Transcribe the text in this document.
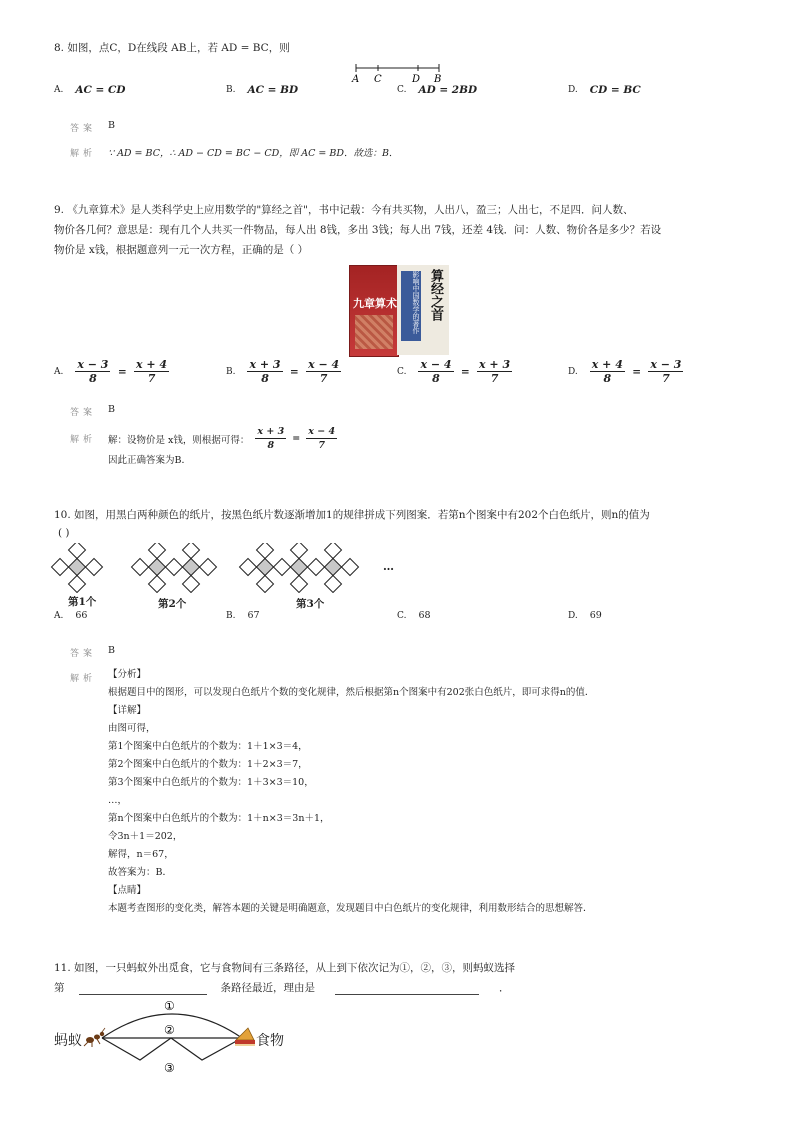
8. 如图，点C，D在线段 AB上，若 AD = BC，则
A C	D B
A. AC = CD	B. AC = BD	C. AD = 2BD	D. CD = BC
答案 B
解析 ∵ AD = BC，∴ AD − CD = BC − CD，即 AC = BD．故选：B．
9. 《九章算术》是人类科学史上应用数学的"算经之首"，书中记载：今有共买物，人出八，盈三；人出七，不足四．问人数、
物价各几何？意思是：现有几个人共买一件物品，每人出 8钱，多出 3钱；每人出 7钱，还差 4钱．问：人数、物价各是多少？若设
物价是 x钱，根据题意列一元一次方程，正确的是（ ）
九章算术	影响中国数学的著作 算经之首
A. $\frac{x - 3}{8} = \frac{x + 4}{7}$	B. $\frac{x + 3}{8} = \frac{x - 4}{7}$	C. $\frac{x - 4}{8} = \frac{x + 3}{7}$	D. $\frac{x + 4}{8} = \frac{x - 3}{7}$
答案 B
解析 解：设物价是 x钱，则根据可得： $\frac{x + 3}{8} = \frac{x - 4}{7}$
因此正确答案为B．
10. 如图，用黑白两种颜色的纸片，按黑色纸片数逐渐增加1的规律拼成下列图案．若第n个图案中有202个白色纸片，则n的值为
( )
…
第1个	第2个	第3个
A. 66	B. 67	C. 68	D. 69
答案 B
解析 【分析】
根据题目中的图形，可以发现白色纸片个数的变化规律，然后根据第n个图案中有202张白色纸片，即可求得n的值．
【详解】
由图可得，
第1个图案中白色纸片的个数为：1＋1×3＝4，
第2个图案中白色纸片的个数为：1＋2×3＝7，
第3个图案中白色纸片的个数为：1＋3×3＝10，
…，
第n个图案中白色纸片的个数为：1＋n×3＝3n＋1，
令3n＋1＝202，
解得，n＝67，
故答案为：B．
【点睛】
本题考查图形的变化类，解答本题的关键是明确题意，发现题目中白色纸片的变化规律，利用数形结合的思想解答．
11. 如图，一只蚂蚁外出觅食，它与食物间有三条路径，从上到下依次记为①，②，③，则蚂蚁选择
第	条路径最近，理由是	．
①
②
③
蚂蚁	食物
